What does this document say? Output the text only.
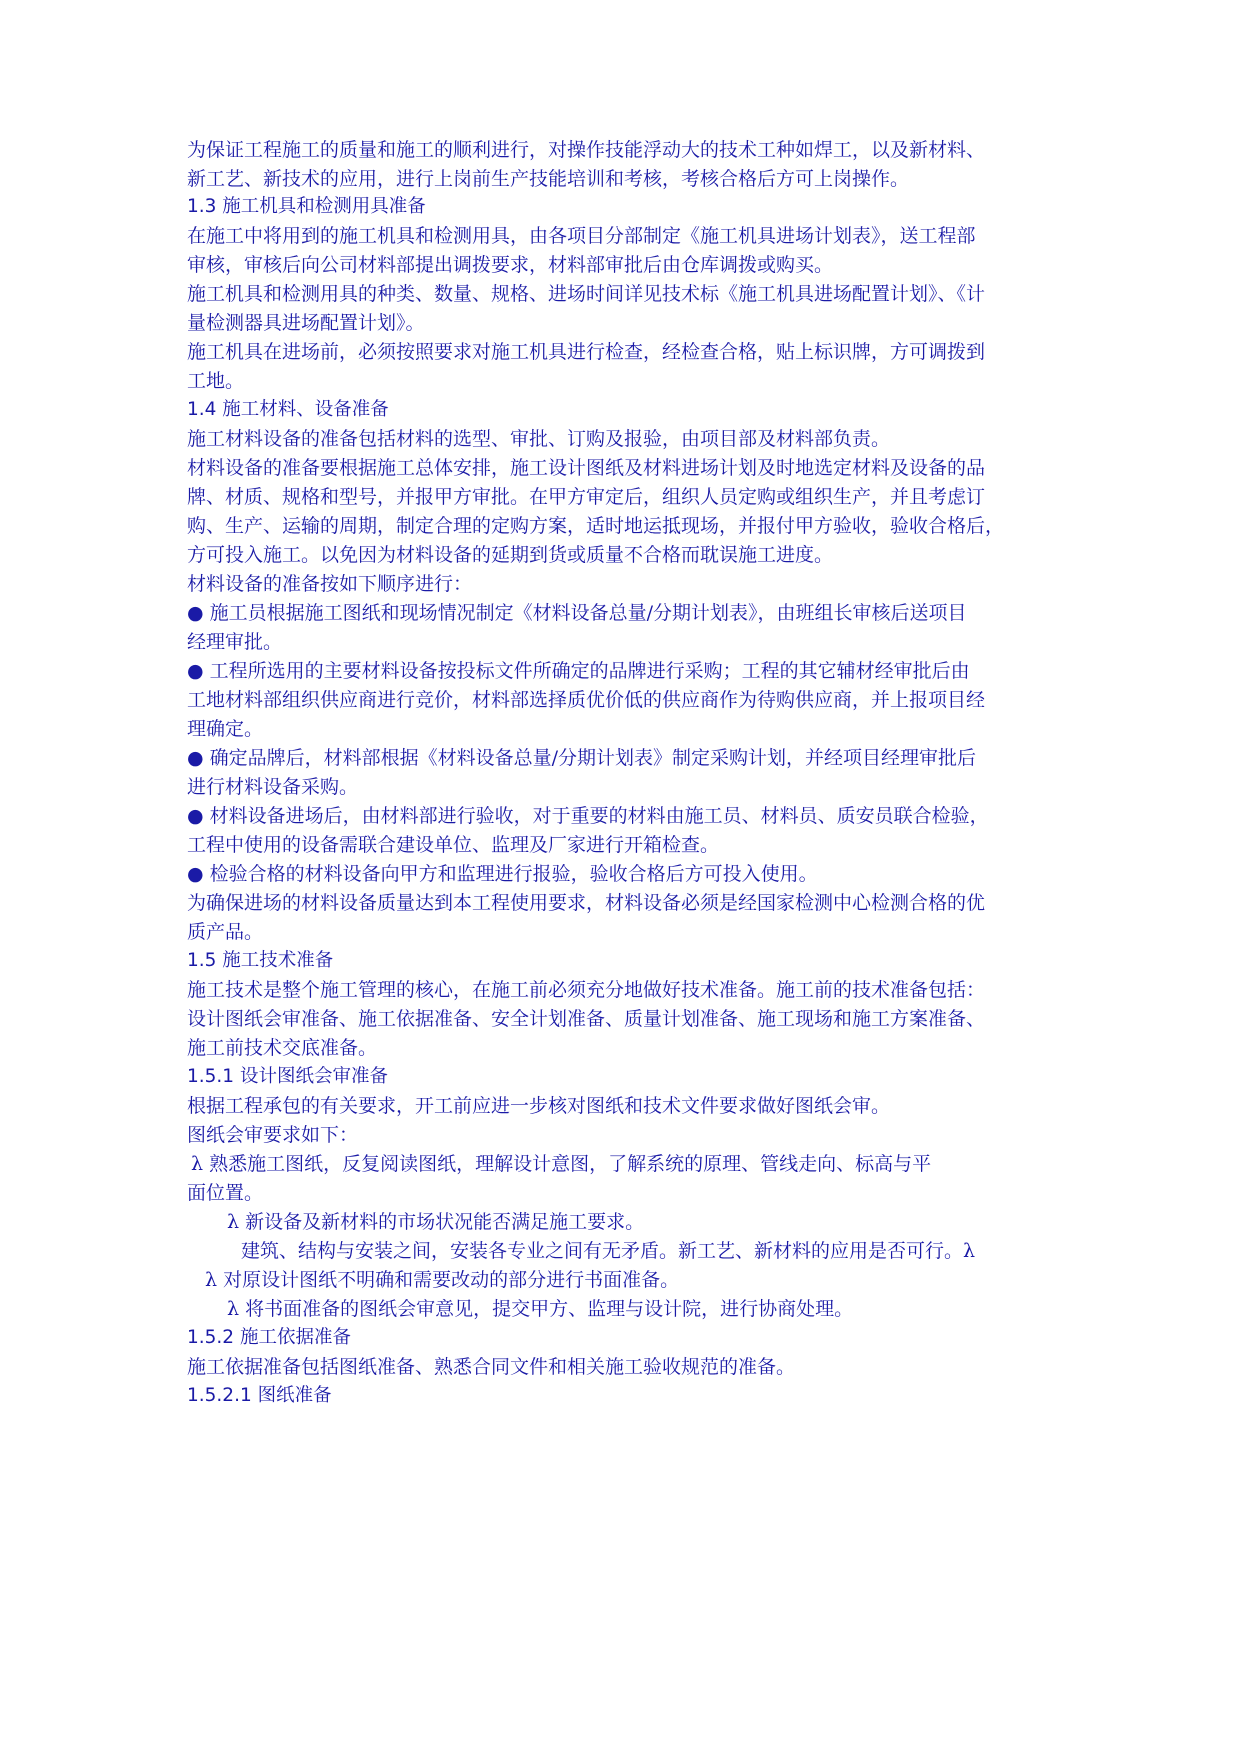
为保证工程施工的质量和施工的顺利进行，对操作技能浮动大的技术工种如焊工，以及新材料、
新工艺、新技术的应用，进行上岗前生产技能培训和考核，考核合格后方可上岗操作。
1.3 施工机具和检测用具准备
在施工中将用到的施工机具和检测用具，由各项目分部制定《施工机具进场计划表》，送工程部
审核，审核后向公司材料部提出调拨要求，材料部审批后由仓库调拨或购买。
施工机具和检测用具的种类、数量、规格、进场时间详见技术标《施工机具进场配置计划》、《计
量检测器具进场配置计划》。
施工机具在进场前，必须按照要求对施工机具进行检查，经检查合格，贴上标识牌，方可调拨到
工地。
1.4 施工材料、设备准备
施工材料设备的准备包括材料的选型、审批、订购及报验，由项目部及材料部负责。
材料设备的准备要根据施工总体安排，施工设计图纸及材料进场计划及时地选定材料及设备的品
牌、材质、规格和型号，并报甲方审批。在甲方审定后，组织人员定购或组织生产，并且考虑订
购、生产、运输的周期，制定合理的定购方案，适时地运抵现场，并报付甲方验收，验收合格后，
方可投入施工。以免因为材料设备的延期到货或质量不合格而耽误施工进度。
材料设备的准备按如下顺序进行：
● 施工员根据施工图纸和现场情况制定《材料设备总量/分期计划表》，由班组长审核后送项目
经理审批。
● 工程所选用的主要材料设备按投标文件所确定的品牌进行采购；工程的其它辅材经审批后由
工地材料部组织供应商进行竞价，材料部选择质优价低的供应商作为待购供应商，并上报项目经
理确定。
● 确定品牌后，材料部根据《材料设备总量/分期计划表》制定采购计划，并经项目经理审批后
进行材料设备采购。
● 材料设备进场后，由材料部进行验收，对于重要的材料由施工员、材料员、质安员联合检验，
工程中使用的设备需联合建设单位、监理及厂家进行开箱检查。
● 检验合格的材料设备向甲方和监理进行报验，验收合格后方可投入使用。
为确保进场的材料设备质量达到本工程使用要求，材料设备必须是经国家检测中心检测合格的优
质产品。
1.5 施工技术准备
施工技术是整个施工管理的核心，在施工前必须充分地做好技术准备。施工前的技术准备包括：
设计图纸会审准备、施工依据准备、安全计划准备、质量计划准备、施工现场和施工方案准备、
施工前技术交底准备。
1.5.1 设计图纸会审准备
根据工程承包的有关要求，开工前应进一步核对图纸和技术文件要求做好图纸会审。
图纸会审要求如下：
λ 熟悉施工图纸，反复阅读图纸，理解设计意图，了解系统的原理、管线走向、标高与平
面位置。
λ 新设备及新材料的市场状况能否满足施工要求。
建筑、结构与安装之间，安装各专业之间有无矛盾。新工艺、新材料的应用是否可行。λ
λ 对原设计图纸不明确和需要改动的部分进行书面准备。
λ 将书面准备的图纸会审意见，提交甲方、监理与设计院，进行协商处理。
1.5.2 施工依据准备
施工依据准备包括图纸准备、熟悉合同文件和相关施工验收规范的准备。
1.5.2.1 图纸准备
